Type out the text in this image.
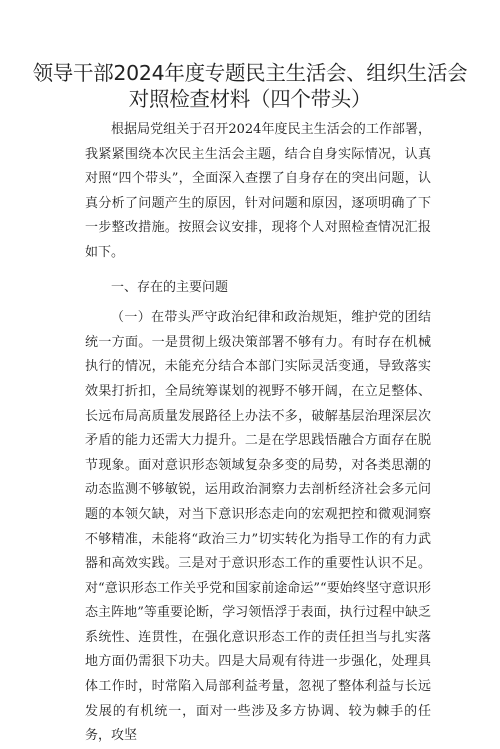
领导干部2024年度专题民主生活会、组织生活会
对照检查材料（四个带头）

根据局党组关于召开2024年度民主生活会的工作部署，我紧紧围绕本次民主生活会主题，结合自身实际情况，认真对照“四个带头”，全面深入查摆了自身存在的突出问题，认真分析了问题产生的原因，针对问题和原因，逐项明确了下一步整改措施。按照会议安排，现将个人对照检查情况汇报如下。

一、存在的主要问题

（一）在带头严守政治纪律和政治规矩，维护党的团结统一方面。一是贯彻上级决策部署不够有力。有时存在机械执行的情况，未能充分结合本部门实际灵活变通，导致落实效果打折扣，全局统筹谋划的视野不够开阔，在立足整体、长远布局高质量发展路径上办法不多，破解基层治理深层次矛盾的能力还需大力提升。二是在学思践悟融合方面存在脱节现象。面对意识形态领域复杂多变的局势，对各类思潮的动态监测不够敏锐，运用政治洞察力去剖析经济社会多元问题的本领欠缺，对当下意识形态走向的宏观把控和微观洞察不够精准，未能将“政治三力”切实转化为指导工作的有力武器和高效实践。三是对于意识形态工作的重要性认识不足。对“意识形态工作关乎党和国家前途命运”“要始终坚守意识形态主阵地”等重要论断，学习领悟浮于表面，执行过程中缺乏系统性、连贯性，在强化意识形态工作的责任担当与扎实落地方面仍需狠下功夫。四是大局观有待进一步强化，处理具体工作时，时常陷入局部利益考量，忽视了整体利益与长远发展的有机统一，面对一些涉及多方协调、较为棘手的任务，攻坚
